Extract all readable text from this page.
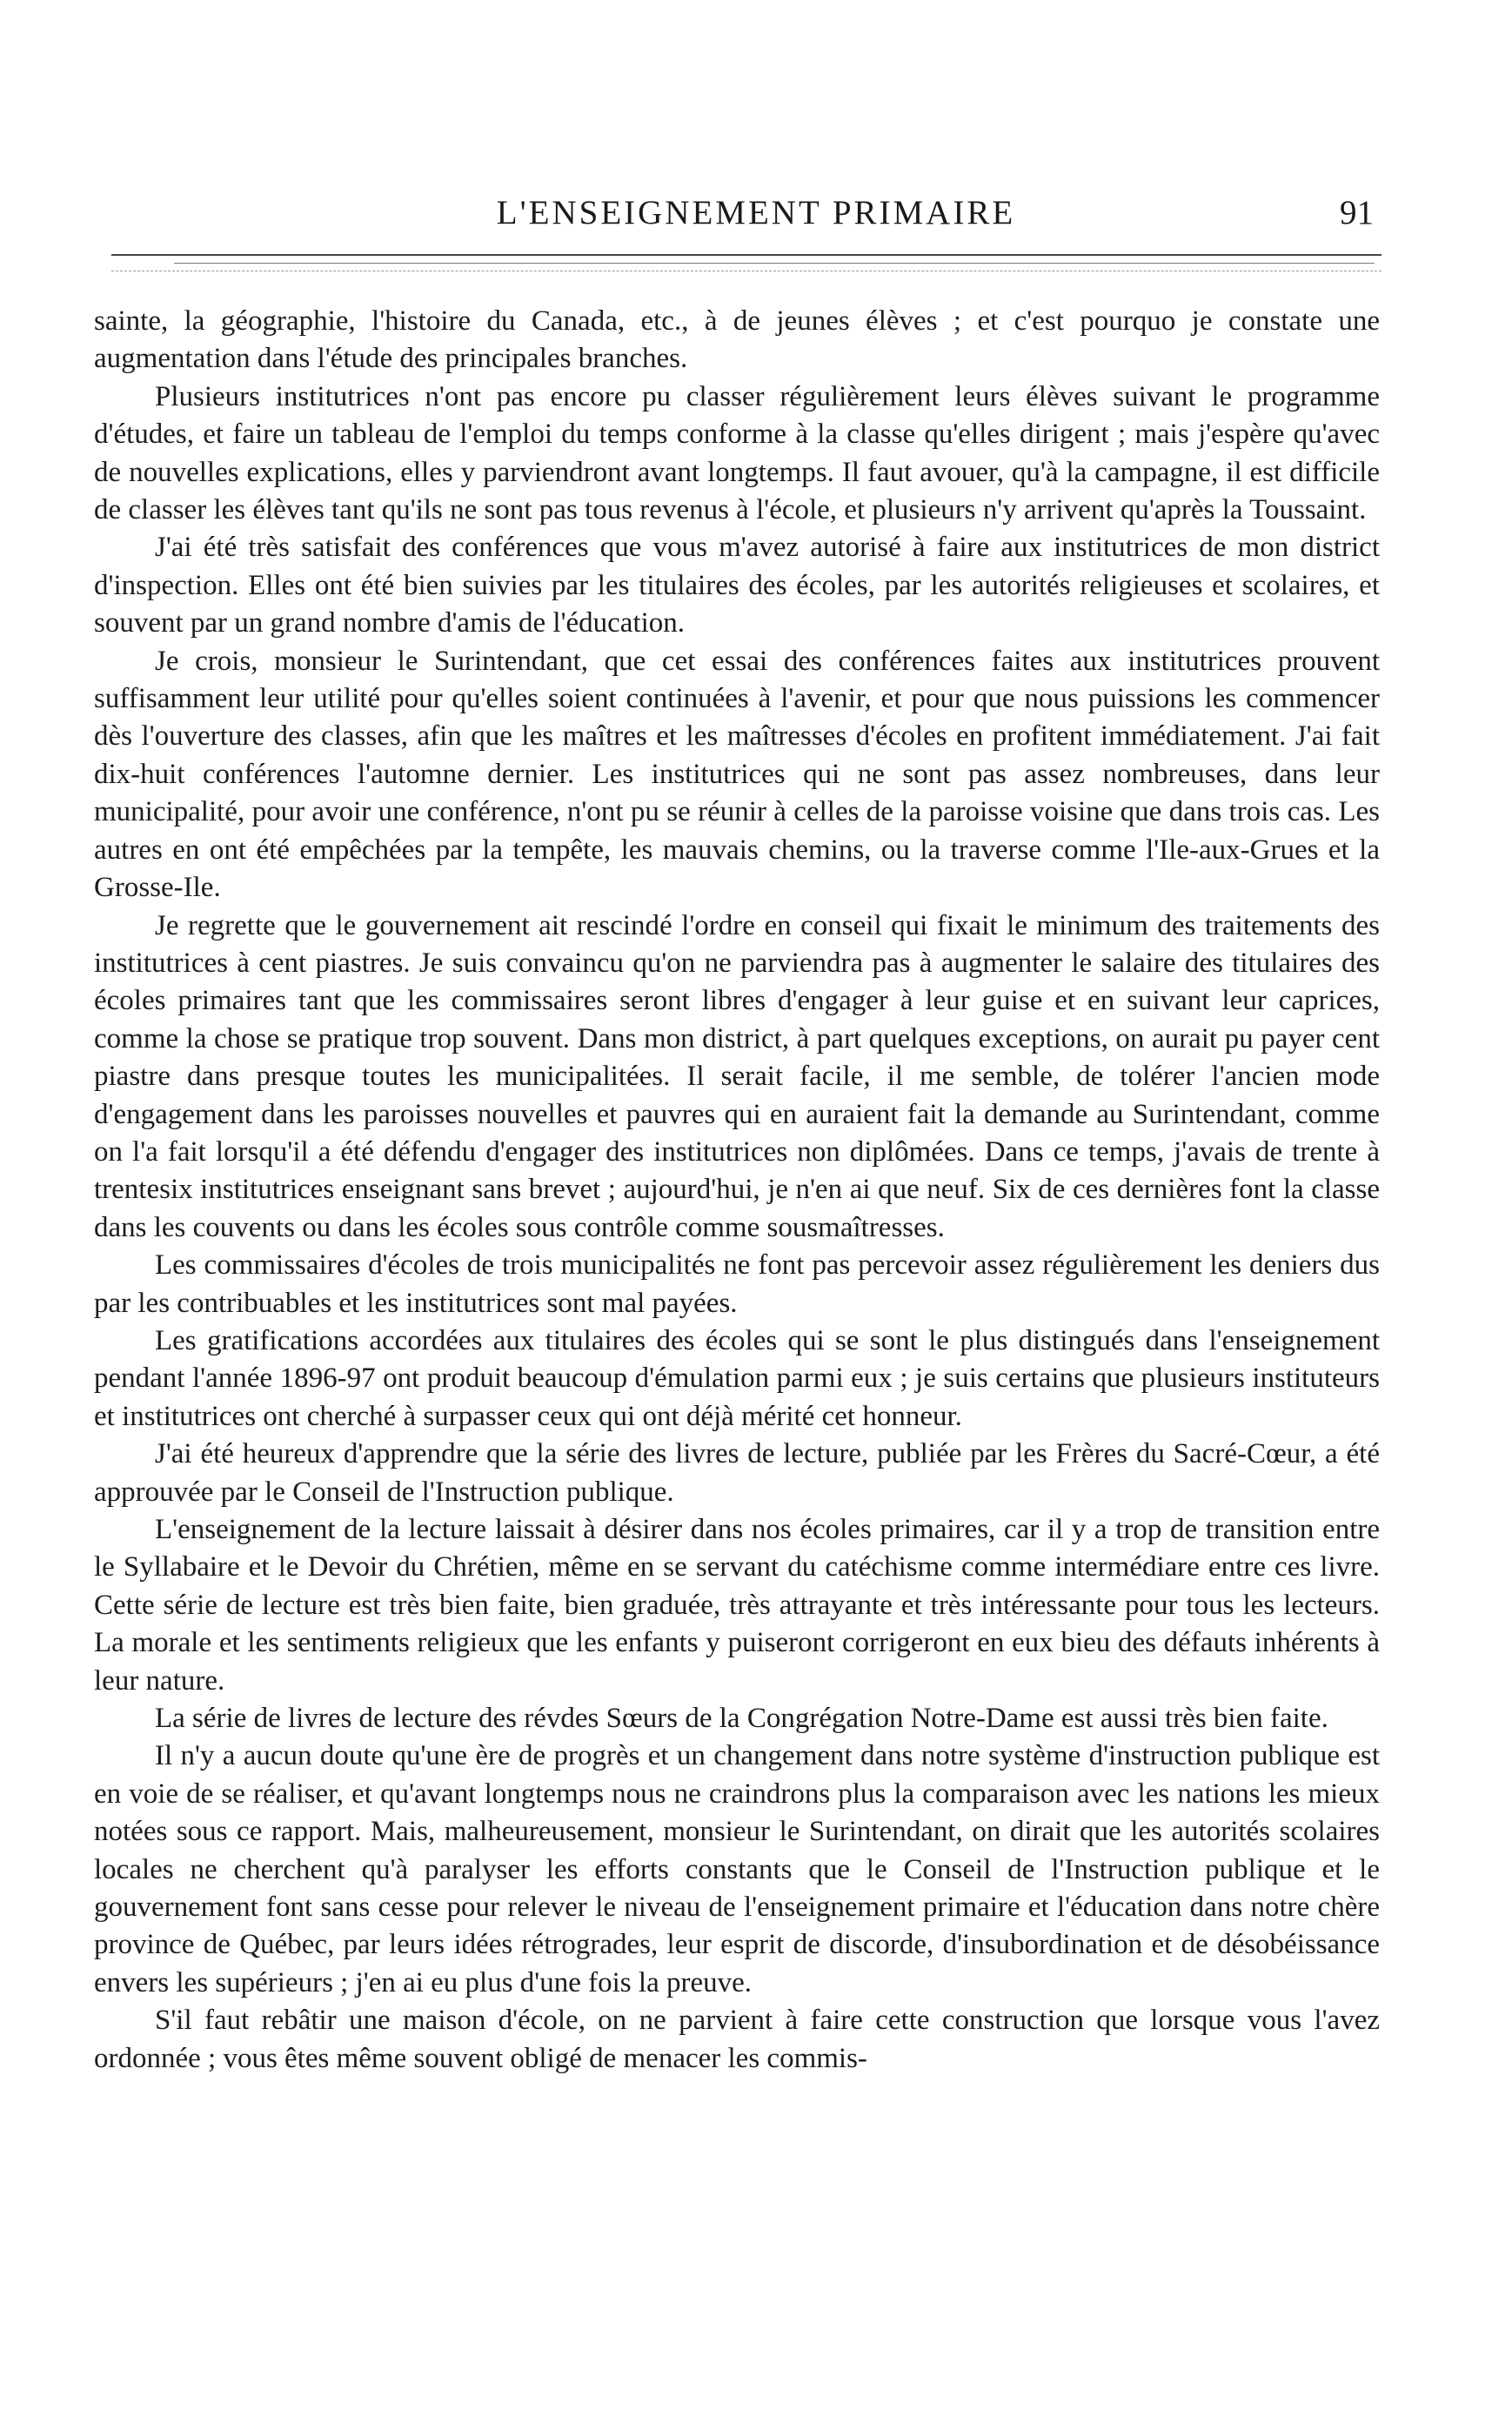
L'ENSEIGNEMENT PRIMAIRE	91

sainte, la géographie, l'histoire du Canada, etc., à de jeunes élèves ; et c'est pourquo je constate une augmentation dans l'étude des principales branches.

Plusieurs institutrices n'ont pas encore pu classer régulièrement leurs élèves suivant le programme d'études, et faire un tableau de l'emploi du temps conforme à la classe qu'elles dirigent ; mais j'espère qu'avec de nouvelles explications, elles y parviendront avant longtemps. Il faut avouer, qu'à la campagne, il est difficile de classer les élèves tant qu'ils ne sont pas tous revenus à l'école, et plusieurs n'y arrivent qu'après la Toussaint.

J'ai été très satisfait des conférences que vous m'avez autorisé à faire aux institutrices de mon district d'inspection. Elles ont été bien suivies par les titulaires des écoles, par les autorités religieuses et scolaires, et souvent par un grand nombre d'amis de l'éducation.

Je crois, monsieur le Surintendant, que cet essai des conférences faites aux institutrices prouvent suffisamment leur utilité pour qu'elles soient continuées à l'avenir, et pour que nous puissions les commencer dès l'ouverture des classes, afin que les maîtres et les maîtresses d'écoles en profitent immédiatement. J'ai fait dix-huit conférences l'automne dernier. Les institutrices qui ne sont pas assez nombreuses, dans leur municipalité, pour avoir une conférence, n'ont pu se réunir à celles de la paroisse voisine que dans trois cas. Les autres en ont été empêchées par la tempête, les mauvais chemins, ou la traverse comme l'Ile-aux-Grues et la Grosse-Ile.

Je regrette que le gouvernement ait rescindé l'ordre en conseil qui fixait le minimum des traitements des institutrices à cent piastres. Je suis convaincu qu'on ne parviendra pas à augmenter le salaire des titulaires des écoles primaires tant que les commissaires seront libres d'engager à leur guise et en suivant leur caprices, comme la chose se pratique trop souvent. Dans mon district, à part quelques exceptions, on aurait pu payer cent piastre dans presque toutes les municipalitées. Il serait facile, il me semble, de tolérer l'ancien mode d'engagement dans les paroisses nouvelles et pauvres qui en auraient fait la demande au Surintendant, comme on l'a fait lorsqu'il a été défendu d'engager des institutrices non diplômées. Dans ce temps, j'avais de trente à trentesix institutrices enseignant sans brevet ; aujourd'hui, je n'en ai que neuf. Six de ces dernières font la classe dans les couvents ou dans les écoles sous contrôle comme sousmaîtresses.

Les commissaires d'écoles de trois municipalités ne font pas percevoir assez régulièrement les deniers dus par les contribuables et les institutrices sont mal payées.

Les gratifications accordées aux titulaires des écoles qui se sont le plus distingués dans l'enseignement pendant l'année 1896-97 ont produit beaucoup d'émulation parmi eux ; je suis certains que plusieurs instituteurs et institutrices ont cherché à surpasser ceux qui ont déjà mérité cet honneur.

J'ai été heureux d'apprendre que la série des livres de lecture, publiée par les Frères du Sacré-Cœur, a été approuvée par le Conseil de l'Instruction publique.

L'enseignement de la lecture laissait à désirer dans nos écoles primaires, car il y a trop de transition entre le Syllabaire et le Devoir du Chrétien, même en se servant du catéchisme comme intermédiare entre ces livre. Cette série de lecture est très bien faite, bien graduée, très attrayante et très intéressante pour tous les lecteurs. La morale et les sentiments religieux que les enfants y puiseront corrigeront en eux bieu des défauts inhérents à leur nature.

La série de livres de lecture des révdes Sœurs de la Congrégation Notre-Dame est aussi très bien faite.

Il n'y a aucun doute qu'une ère de progrès et un changement dans notre système d'instruction publique est en voie de se réaliser, et qu'avant longtemps nous ne craindrons plus la comparaison avec les nations les mieux notées sous ce rapport. Mais, malheureusement, monsieur le Surintendant, on dirait que les autorités scolaires locales ne cherchent qu'à paralyser les efforts constants que le Conseil de l'Instruction publique et le gouvernement font sans cesse pour relever le niveau de l'enseignement primaire et l'éducation dans notre chère province de Québec, par leurs idées rétrogrades, leur esprit de discorde, d'insubordination et de désobéissance envers les supérieurs ; j'en ai eu plus d'une fois la preuve.

S'il faut rebâtir une maison d'école, on ne parvient à faire cette construction que lorsque vous l'avez ordonnée ; vous êtes même souvent obligé de menacer les commis-
